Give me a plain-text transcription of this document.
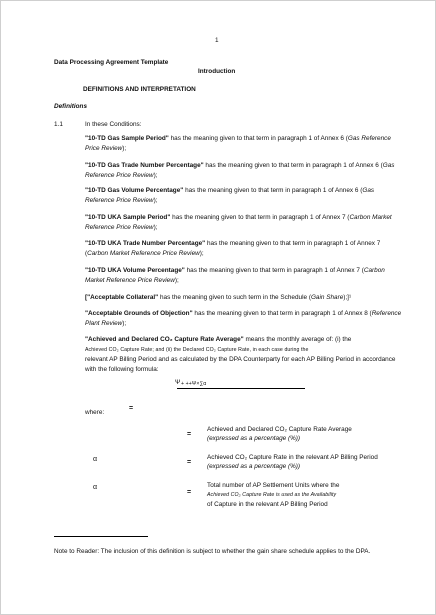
1
Data Processing Agreement Template
Introduction
DEFINITIONS AND INTERPRETATION
Definitions
1.1	In these Conditions:
"10-TD Gas Sample Period" has the meaning given to that term in paragraph 1 of Annex 6 (Gas Reference Price Review);
"10-TD Gas Trade Number Percentage" has the meaning given to that term in paragraph 1 of Annex 6 (Gas Reference Price Review);
"10-TD Gas Volume Percentage" has the meaning given to that term in paragraph 1 of Annex 6 (Gas Reference Price Review);
"10-TD UKA Sample Period" has the meaning given to that term in paragraph 1 of Annex 7 (Carbon Market Reference Price Review);
"10-TD UKA Trade Number Percentage" has the meaning given to that term in paragraph 1 of Annex 7 (Carbon Market Reference Price Review);
"10-TD UKA Volume Percentage" has the meaning given to that term in paragraph 1 of Annex 7 (Carbon Market Reference Price Review);
["Acceptable Collateral" has the meaning given to such term in the Schedule (Gain Share);]¹
"Acceptable Grounds of Objection" has the meaning given to that term in paragraph 1 of Annex 8 (Reference Plant Review);
"Achieved and Declared CO₂ Capture Rate Average" means the monthly average of: (i) the
Achieved CO₂ Capture Rate; and (ii) the Declared CO₂ Capture Rate, in each case during the
relevant AP Billing Period and as calculated by the DPA Counterparty for each AP Billing Period in accordance with the following formula:
Ψ + ++Ψ×∑α
where:
=
=
Achieved and Declared CO₂ Capture Rate Average
(expressed as a percentage (%))
α	=
Achieved CO₂ Capture Rate in the relevant AP Billing Period
(expressed as a percentage (%))
α
=
Total number of AP Settlement Units where the
Achieved CO₂ Capture Rate is used as the Availability
of Capture in the relevant AP Billing Period
Note to Reader: The inclusion of this definition is subject to whether the gain share schedule applies to the DPA.
